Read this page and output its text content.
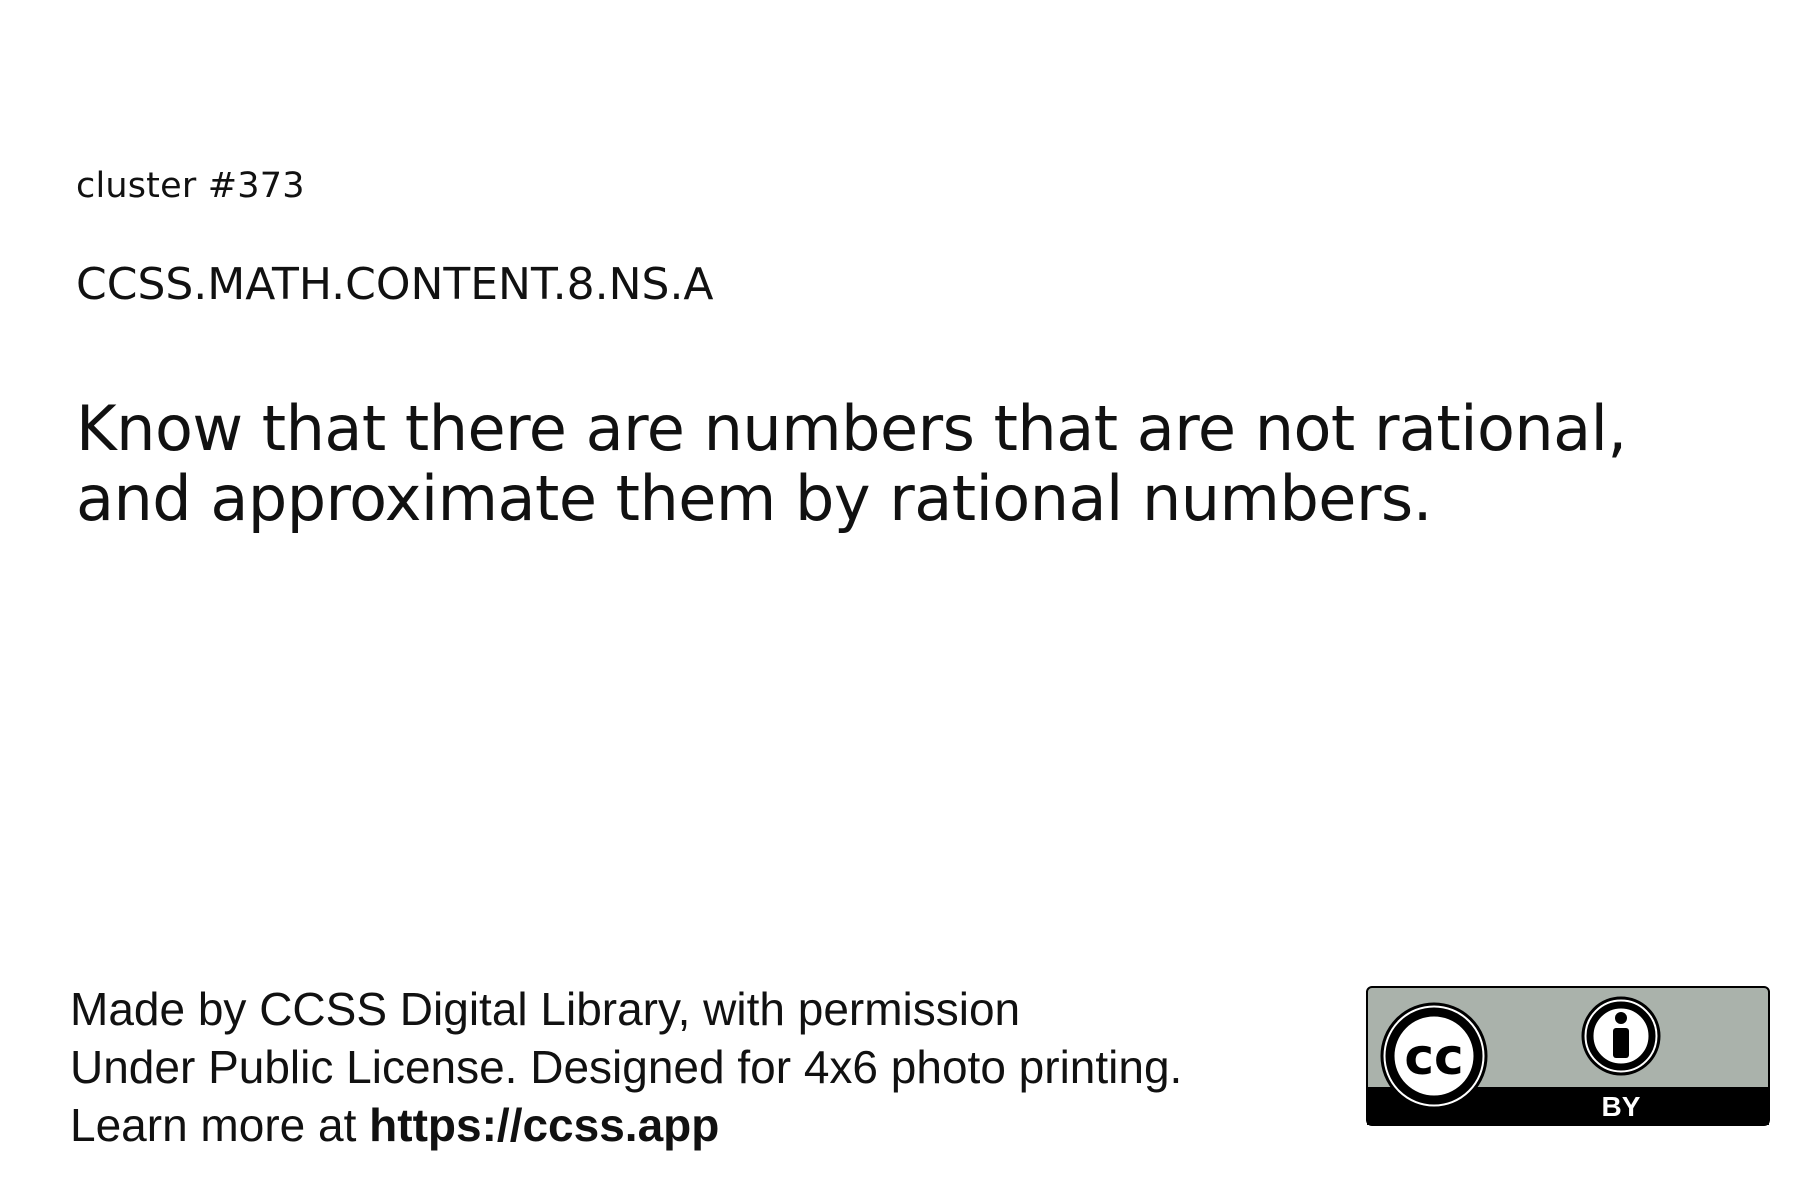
cluster #373
CCSS.MATH.CONTENT.8.NS.A
Know that there are numbers that are not rational, and approximate them by rational numbers.
Made by CCSS Digital Library, with permission
Under Public License. Designed for 4x6 photo printing.
Learn more at https://ccss.app
cc
BY
